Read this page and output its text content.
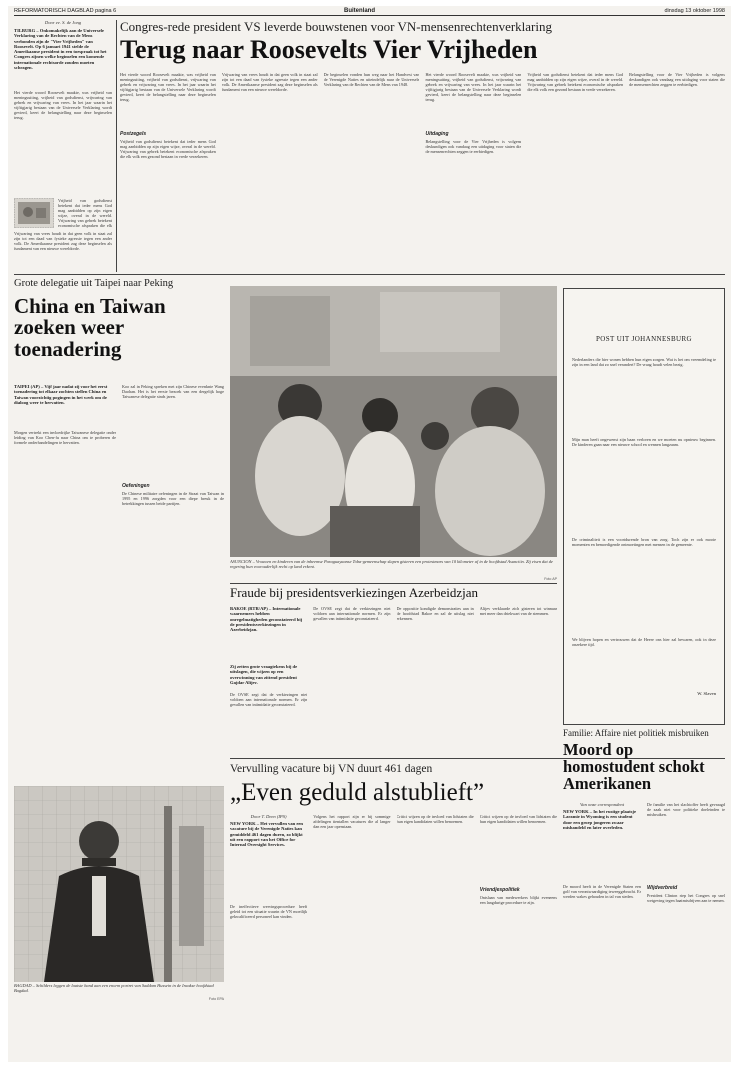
REFORMATORISCH DAGBLAD pagina 6	Buitenland	dinsdag 13 oktober 1998
Door ee. S. de Jong
TILBURG – Onkomakelijk aan de Universele Verklaring van de Rechten van de Mens verbonden zijn de "Vier Vrijheden" van Roosevelt. Op 6 januari 1941 stelde de Amerikaanse president in een toespraak tot het Congres zijnen welke beginselen een komende internationale rechtsorde zouden moeten schragen.
Het vierde woord Roosevelt maakte, was vrijheid van meningsuiting, vrijheid van godsdienst, vrijwaring van gebrek en vrijwaring van vrees. In het jaar waarin het vijftigjarig bestaan van de Universele Verklaring wordt gevierd, keert de belangstelling naar deze beginselen terug.
Vrijheid van godsdienst betekent dat ieder mens God mag aanbidden op zijn eigen wijze, overal in de wereld. Vrijwaring van gebrek betekent economische afspraken die elk
Vrijwaring van vrees houdt in dat geen volk in staat zal zijn tot een daad van fysieke agressie tegen een ander volk. De Amerikaanse president zag deze beginselen als fundament van een nieuwe wereldorde.
Congres-rede president VS leverde bouwstenen voor VN-mensenrechtenverklaring
Terug naar Roosevelts Vier Vrijheden
Het vierde woord Roosevelt maakte, was vrijheid van meningsuiting, vrijheid van godsdienst, vrijwaring van gebrek en vrijwaring van vrees. In het jaar waarin het vijftigjarig bestaan van de Universele Verklaring wordt gevierd, keert de belangstelling naar deze beginselen terug.
Postzegels
Vrijheid van godsdienst betekent dat ieder mens God mag aanbidden op zijn eigen wijze, overal in de wereld. Vrijwaring van gebrek betekent economische afspraken die elk volk een gezond bestaan in vrede verzekeren.
Vrijwaring van vrees houdt in dat geen volk in staat zal zijn tot een daad van fysieke agressie tegen een ander volk. De Amerikaanse president zag deze beginselen als fundament van een nieuwe wereldorde.
De beginselen vonden hun weg naar het Handvest van de Verenigde Naties en uiteindelijk naar de Universele Verklaring van de Rechten van de Mens van 1948.
Het vierde woord Roosevelt maakte, was vrijheid van meningsuiting, vrijheid van godsdienst, vrijwaring van gebrek en vrijwaring van vrees. In het jaar waarin het vijftigjarig bestaan van de Universele Verklaring wordt gevierd, keert de belangstelling naar deze beginselen terug.
Uitdaging
Belangstelling voor de Vier Vrijheden is volgens deskundigen ook vandaag een uitdaging voor staten die de mensenrechten zeggen te eerbiedigen.
Vrijheid van godsdienst betekent dat ieder mens God mag aanbidden op zijn eigen wijze, overal in de wereld. Vrijwaring van gebrek betekent economische afspraken die elk volk een gezond bestaan in vrede verzekeren.
Belangstelling voor de Vier Vrijheden is volgens deskundigen ook vandaag een uitdaging voor staten die de mensenrechten zeggen te eerbiedigen.
Grote delegatie uit Taipei naar Peking
China en Taiwan zoeken weer toenadering
TAIPEI (AP) – Vijf jaar nadat zij voor het eerst toenadering tot elkaar zochten stellen China en Taiwan voorzichtig pogingen in het werk om de dialoog weer te hervatten.
Morgen vertrekt een invloedrijke Taiwanese delegatie onder leiding van Koo Chen-fu naar China om te proberen de formele onderhandelingen te hervatten.
Koo zal in Peking spreken met zijn Chinese evenknie Wang Daohan. Het is het eerste bezoek van een dergelijk hoge Taiwanese delegatie sinds jaren.
Oefeningen
De Chinese militaire oefeningen in de Straat van Taiwan in 1995 en 1996 zorgden voor een diepe breuk in de betrekkingen tussen beide partijen.
ASUNCION – Vrouwen en kinderen van de inheemse Paraguayaanse Toba-gemeenschap slapen gisteren een protestmars van 10 kilometer af in de hoofdstad Asunción. Zij eisen dat de regering hun voorouderlijk recht op land erkent.
Foto AP
Fraude bij presidentsverkiezingen Azerbeidzjan
BAKOE (RTR/AP) – Internationale waarnemers hebben onregelmatigheden geconstateerd bij de presidentsverkiezingen in Azerbeidzjan.
Zij zetten grote vraagtekens bij de uitslagen, die wijzen op een overwinning van zittend president Gajdar Alijev.
De OVSE zegt dat de verkiezingen niet voldoen aan internationale normen. Er zijn gevallen van intimidatie geconstateerd.
De OVSE zegt dat de verkiezingen niet voldoen aan internationale normen. Er zijn gevallen van intimidatie geconstateerd.
De oppositie kondigde demonstraties aan in de hoofdstad Bakoe en zal de uitslag niet erkennen.
Alijev verklaarde zich gisteren tot winnaar met meer dan driekwart van de stemmen.
POST UIT JOHANNESBURG
Nederlanders die hier wonen hebben hun eigen zorgen. Wat is het om vreemdeling te zijn in een land dat zo snel verandert? De vraag houdt velen bezig.
Mijn man heeft ongewenst zijn baan verloren en we moeten nu opnieuw beginnen. De kinderen gaan naar een nieuwe school en wennen langzaam.
De criminaliteit is een voortdurende bron van zorg. Toch zijn er ook mooie momenten en bemoedigende ontmoetingen met mensen in de gemeente.
We blijven hopen en vertrouwen dat de Heere ons hier zal bewaren, ook in deze onzekere tijd.
W. Slaven
BAGDAD – Schilders leggen de laatste hand aan een enorm portret van Saddam Hussein in de Iraakse hoofdstad Bagdad.
Foto EPA
Vervulling vacature bij VN duurt 461 dagen
„Even geduld alstublieft”
Door T. Deen (IPS)
NEW YORK – Het vervullen van een vacature bij de Verenigde Naties kan gemiddeld 461 dagen duren, zo blijkt uit een rapport van het Office for Internal Oversight Services.
De ineffectieve wervingsprocedure heeft geleid tot een situatie waarin de VN moeilijk gekwalificeerd personeel kan vinden.
Volgens het rapport zijn er bij sommige afdelingen tientallen vacatures die al langer dan een jaar openstaan.
Critici wijzen op de invloed van lidstaten die hun eigen kandidaten willen benoemen.
Critici wijzen op de invloed van lidstaten die hun eigen kandidaten willen benoemen.
Vriendjespolitiek
Ontslaan van medewerkers blijkt eveneens een langdurige procedure te zijn.
Familie: Affaire niet politiek misbruiken
Moord op homostudent schokt Amerikanen
Van onze correspondent
NEW YORK – In het rustige plaatsje Laramie in Wyoming is een student door een groep jongeren zwaar mishandeld en later overleden.
De moord heeft in de Verenigde Staten een golf van verontwaardiging teweeggebracht. Er werden wakes gehouden in tal van steden.
De familie van het slachtoffer heeft gevraagd de zaak niet voor politieke doeleinden te misbruiken.
Wijdverbreid
President Clinton riep het Congres op snel wetgeving tegen haatmisdrijven aan te nemen.
